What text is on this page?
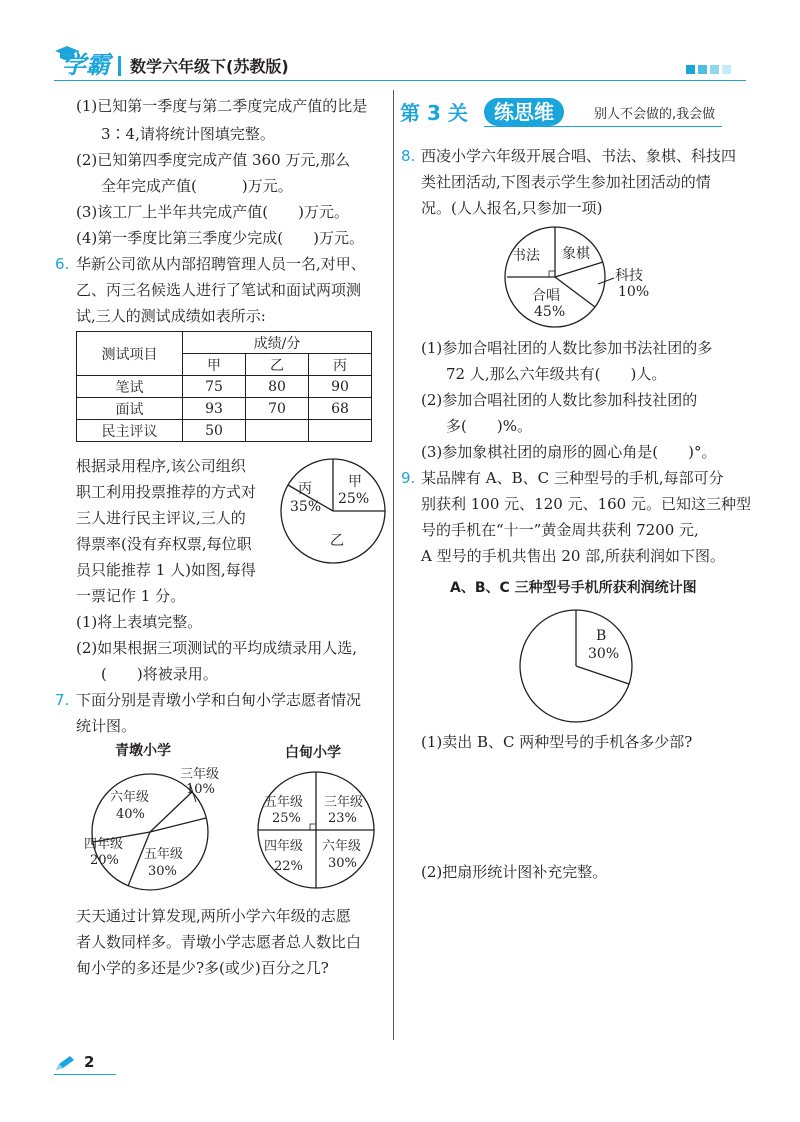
学霸 数学六年级下(苏教版)
(1)已知第一季度与第二季度完成产值的比是
3∶4,请将统计图填完整。
(2)已知第四季度完成产值 360 万元,那么
全年完成产值(　　　)万元。
(3)该工厂上半年共完成产值(　　)万元。
(4)第一季度比第三季度少完成(　　)万元。
6. 华新公司欲从内部招聘管理人员一名,对甲、
乙、丙三名候选人进行了笔试和面试两项测
试,三人的测试成绩如表所示:
测试项目	成绩/分		
	甲	乙	丙
笔试	75	80	90
面试	93	70	68
民主评议	50		
根据录用程序,该公司组织
职工利用投票推荐的方式对
三人进行民主评议,三人的
得票率(没有弃权票,每位职
员只能推荐 1 人)如图,每得
一票记作 1 分。
甲
25%
乙
丙
35%
(1)将上表填完整。
(2)如果根据三项测试的平均成绩录用人选,
(　　)将被录用。
7. 下面分别是青墩小学和白甸小学志愿者情况
统计图。
青墩小学
三年级
10%
五年级
30%
四年级
20%
六年级
40%
白甸小学
三年级
23%
六年级
30%
四年级
22%
五年级
25%
天天通过计算发现,两所小学六年级的志愿
者人数同样多。青墩小学志愿者总人数比白
甸小学的多还是少?多(或少)百分之几?
第 3 关	练思维	别人不会做的,我会做
8. 西凌小学六年级开展合唱、书法、象棋、科技四
类社团活动,下图表示学生参加社团活动的情
况。(人人报名,只参加一项)
书法 象棋
科技
10%
合唱
45%
(1)参加合唱社团的人数比参加书法社团的多
72 人,那么六年级共有(　　)人。
(2)参加合唱社团的人数比参加科技社团的
多(　　)%。
(3)参加象棋社团的扇形的圆心角是(　　)°。
9. 某品牌有 A、B、C 三种型号的手机,每部可分
别获利 100 元、120 元、160 元。已知这三种型
号的手机在“十一”黄金周共获利 7200 元,
A 型号的手机共售出 20 部,所获利润如下图。
A、B、C 三种型号手机所获利润统计图
B
30%
(1)卖出 B、C 两种型号的手机各多少部?
(2)把扇形统计图补充完整。
2
